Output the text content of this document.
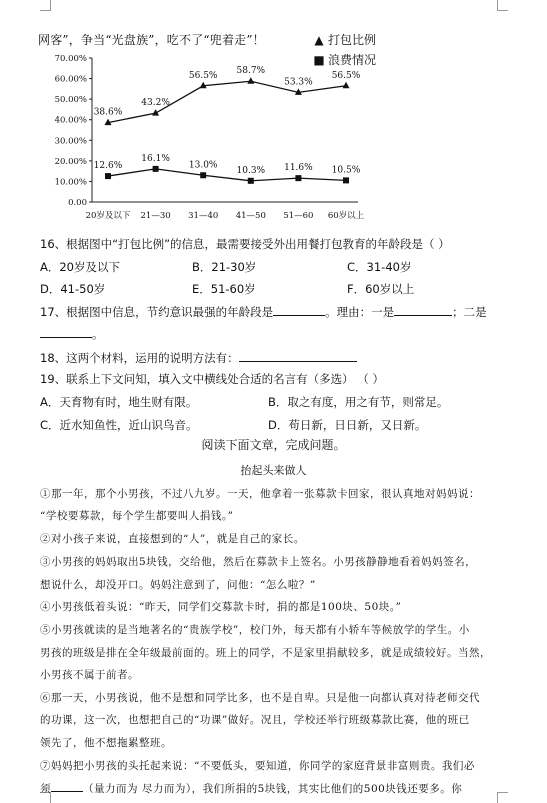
网客”，争当“光盘族”，吃不了“兜着走”！	▲ 打包比例
■ 浪费情况
0.00
10.00%
20.00%
30.00%
40.00%
50.00%
60.00%
70.00%
20岁及以下 21—30 31—40 41—50 51—60 60岁以上
38.6%
43.2%
56.5% 58.7%
53.3%
56.5%
12.6%
16.1%
13.0%
10.3% 11.6% 10.5%
16、根据图中“打包比例”的信息，最需要接受外出用餐打包教育的年龄段是（ ）
A．20岁及以下	B．21-30岁	C．31-40岁
D．41-50岁	E．51-60岁	F．60岁以上
17、根据图中信息，节约意识最强的年龄段是	。理由：一是	；二是
。
18、这两个材料，运用的说明方法有：
19、联系上下文问知，填入文中横线处合适的名言有（多选） （ ）
A．天育物有时，地生财有限。	B．取之有度，用之有节，则常足。
C．近水知鱼性，近山识鸟音。	D．苟日新，日日新，又日新。
阅读下面文章，完成问题。
抬起头来做人
①那一年，那个小男孩，不过八九岁。一天，他拿着一张募款卡回家，很认真地对妈妈说：
“学校要募款，每个学生都要叫人捐钱。”
②对小孩子来说，直接想到的“人”，就是自己的家长。
③小男孩的妈妈取出5块钱，交给他，然后在募款卡上签名。小男孩静静地看着妈妈签名，
想说什么，却没开口。妈妈注意到了，问他：“怎么啦？”
④小男孩低着头说：“昨天，同学们交募款卡时，捐的都是100块、50块。”
⑤小男孩就读的是当地著名的“贵族学校”，校门外，每天都有小轿车等候放学的学生。小
男孩的班级是排在全年级最前面的。班上的同学，不是家里捐献较多，就是成绩较好。当然，
小男孩不属于前者。
⑥那一天，小男孩说，他不是想和同学比多，也不是自卑。只是他一向都认真对待老师交代
的功课，这一次，也想把自己的“功课”做好。况且，学校还举行班级募款比赛，他的班已
领先了，他不想拖累整班。
⑦妈妈把小男孩的头托起来说：“不要低头，要知道，你同学的家庭背景非富则贵。我们必
须	（量力而为 尽力而为），我们所捐的5块钱，其实比他们的500块钱还要多。你
